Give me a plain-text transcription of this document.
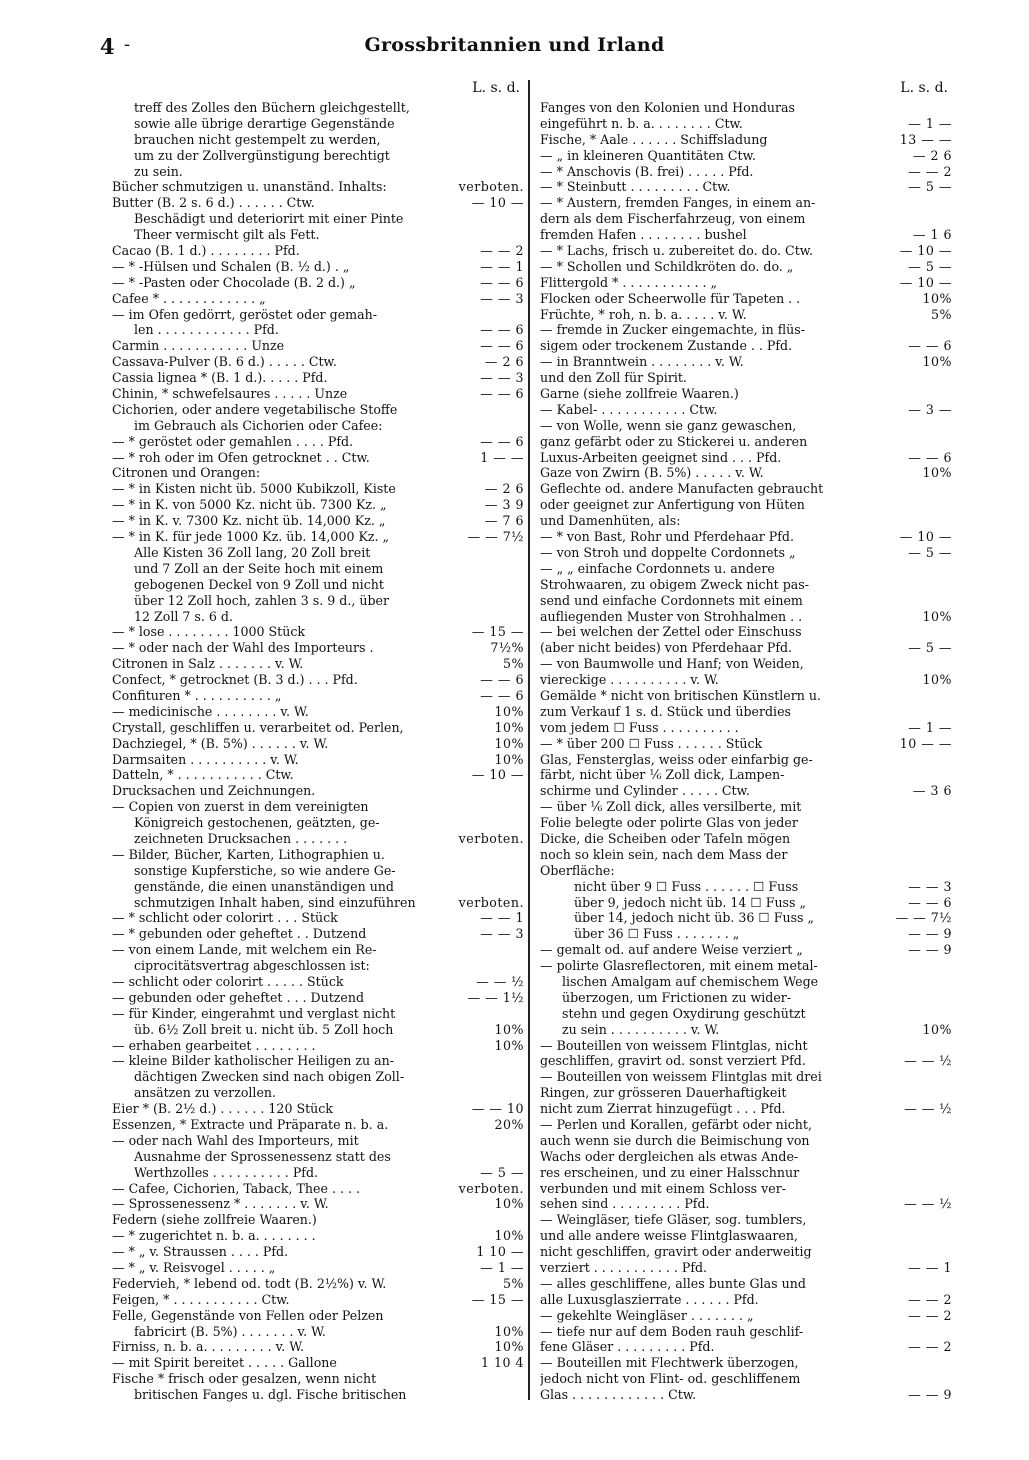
4 -	Grossbritannien und Irland
L. s. d.
treff des Zolles den Büchern gleichgestellt,
sowie alle übrige derartige Gegenstände
brauchen nicht gestempelt zu werden,
um zu der Zollvergünstigung berechtigt
zu sein.
Bücher schmutzigen u. unanständ. Inhalts:	verboten.
Butter (B. 2 s. 6 d.) . . . . . . Ctw.	— 10 —
Beschädigt und deteriorirt mit einer Pinte
Theer vermischt gilt als Fett.
Cacao (B. 1 d.) . . . . . . . . Pfd.	— — 2
— * -Hülsen und Schalen (B. ½ d.) . „	— — 1
— * -Pasten oder Chocolade (B. 2 d.) „	— — 6
Cafee * . . . . . . . . . . . . „	— — 3
— im Ofen gedörrt, geröstet oder gemah-
len . . . . . . . . . . . . Pfd.	— — 6
Carmin . . . . . . . . . . . Unze	— — 6
Cassava-Pulver (B. 6 d.) . . . . . Ctw.	— 2 6
Cassia lignea * (B. 1 d.). . . . . Pfd.	— — 3
Chinin, * schwefelsaures . . . . . Unze	— — 6
Cichorien, oder andere vegetabilische Stoffe
im Gebrauch als Cichorien oder Cafee:
— * geröstet oder gemahlen . . . . Pfd.	— — 6
— * roh oder im Ofen getrocknet . . Ctw.	1 — —
Citronen und Orangen:
— * in Kisten nicht üb. 5000 Kubikzoll, Kiste	— 2 6
— * in K. von 5000 Kz. nicht üb. 7300 Kz. „	— 3 9
— * in K. v. 7300 Kz. nicht üb. 14,000 Kz. „	— 7 6
— * in K. für jede 1000 Kz. üb. 14,000 Kz. „	— — 7½
Alle Kisten 36 Zoll lang, 20 Zoll breit
und 7 Zoll an der Seite hoch mit einem
gebogenen Deckel von 9 Zoll und nicht
über 12 Zoll hoch, zahlen 3 s. 9 d., über
12 Zoll 7 s. 6 d.
— * lose . . . . . . . . 1000 Stück	— 15 —
— * oder nach der Wahl des Importeurs .	7½%
Citronen in Salz . . . . . . . v. W.	5%
Confect, * getrocknet (B. 3 d.) . . . Pfd.	— — 6
Confituren * . . . . . . . . . . „	— — 6
— medicinische . . . . . . . . v. W.	10%
Crystall, geschliffen u. verarbeitet od. Perlen,	10%
Dachziegel, * (B. 5%) . . . . . . v. W.	10%
Darmsaiten . . . . . . . . . . v. W.	10%
Datteln, * . . . . . . . . . . . Ctw.	— 10 —
Drucksachen und Zeichnungen.
— Copien von zuerst in dem vereinigten
Königreich gestochenen, geätzten, ge-
zeichneten Drucksachen . . . . . . .	verboten.
— Bilder, Bücher, Karten, Lithographien u.
sonstige Kupferstiche, so wie andere Ge-
genstände, die einen unanständigen und
schmutzigen Inhalt haben, sind einzuführen	verboten.
— * schlicht oder colorirt . . . Stück	— — 1
— * gebunden oder geheftet . . Dutzend	— — 3
— von einem Lande, mit welchem ein Re-
ciprocitätsvertrag abgeschlossen ist:
— schlicht oder colorirt . . . . . Stück	— — ½
— gebunden oder geheftet . . . Dutzend	— — 1½
— für Kinder, eingerahmt und verglast nicht
üb. 6½ Zoll breit u. nicht üb. 5 Zoll hoch	10%
— erhaben gearbeitet . . . . . . . .	10%
— kleine Bilder katholischer Heiligen zu an-
dächtigen Zwecken sind nach obigen Zoll-
ansätzen zu verzollen.
Eier * (B. 2½ d.) . . . . . . 120 Stück	— — 10
Essenzen, * Extracte und Präparate n. b. a.	20%
— oder nach Wahl des Importeurs, mit
Ausnahme der Sprossenessenz statt des
Werthzolles . . . . . . . . . . Pfd.	— 5 —
— Cafee, Cichorien, Taback, Thee . . . .	verboten.
— Sprossenessenz * . . . . . . . v. W.	10%
Federn (siehe zollfreie Waaren.)
— * zugerichtet n. b. a. . . . . . . .	10%
— * „ v. Straussen . . . . Pfd.	1 10 —
— * „ v. Reisvogel . . . . . „	— 1 —
Federvieh, * lebend od. todt (B. 2½%) v. W.	5%
Feigen, * . . . . . . . . . . . Ctw.	— 15 —
Felle, Gegenstände von Fellen oder Pelzen
fabricirt (B. 5%) . . . . . . . v. W.	10%
Firniss, n. b. a. . . . . . . . . v. W.	10%
— mit Spirit bereitet . . . . . Gallone	1 10 4
Fische * frisch oder gesalzen, wenn nicht
britischen Fanges u. dgl. Fische britischen
L. s. d.
Fanges von den Kolonien und Honduras
eingeführt n. b. a. . . . . . . . Ctw.	— 1 —
Fische, * Aale . . . . . . Schiffsladung	13 — —
— „ in kleineren Quantitäten Ctw.	— 2 6
— * Anschovis (B. frei) . . . . . Pfd.	— — 2
— * Steinbutt . . . . . . . . . Ctw.	— 5 —
— * Austern, fremden Fanges, in einem an-
dern als dem Fischerfahrzeug, von einem
fremden Hafen . . . . . . . . bushel	— 1 6
— * Lachs, frisch u. zubereitet do. do. Ctw.	— 10 —
— * Schollen und Schildkröten do. do. „	— 5 —
Flittergold * . . . . . . . . . . . „	— 10 —
Flocken oder Scheerwolle für Tapeten . .	10%
Früchte, * roh, n. b. a. . . . . v. W.	5%
— fremde in Zucker eingemachte, in flüs-
sigem oder trockenem Zustande . . Pfd.	— — 6
— in Branntwein . . . . . . . . v. W.	10%
und den Zoll für Spirit.
Garne (siehe zollfreie Waaren.)
— Kabel- . . . . . . . . . . . Ctw.	— 3 —
— von Wolle, wenn sie ganz gewaschen,
ganz gefärbt oder zu Stickerei u. anderen
Luxus-Arbeiten geeignet sind . . . Pfd.	— — 6
Gaze von Zwirn (B. 5%) . . . . . v. W.	10%
Geflechte od. andere Manufacten gebraucht
oder geeignet zur Anfertigung von Hüten
und Damenhüten, als:
— * von Bast, Rohr und Pferdehaar Pfd.	— 10 —
— von Stroh und doppelte Cordonnets „	— 5 —
— „ „ einfache Cordonnets u. andere
Strohwaaren, zu obigem Zweck nicht pas-
send und einfache Cordonnets mit einem
aufliegenden Muster von Strohhalmen . .	10%
— bei welchen der Zettel oder Einschuss
(aber nicht beides) von Pferdehaar Pfd.	— 5 —
— von Baumwolle und Hanf; von Weiden,
viereckige . . . . . . . . . . v. W.	10%
Gemälde * nicht von britischen Künstlern u.
zum Verkauf 1 s. d. Stück und überdies
vom jedem ☐ Fuss . . . . . . . . . .	— 1 —
— * über 200 ☐ Fuss . . . . . . Stück	10 — —
Glas, Fensterglas, weiss oder einfarbig ge-
färbt, nicht über ⅙ Zoll dick, Lampen-
schirme und Cylinder . . . . . Ctw.	— 3 6
— über ⅙ Zoll dick, alles versilberte, mit
Folie belegte oder polirte Glas von jeder
Dicke, die Scheiben oder Tafeln mögen
noch so klein sein, nach dem Mass der
Oberfläche:
nicht über 9 ☐ Fuss . . . . . . ☐ Fuss	— — 3
über 9, jedoch nicht üb. 14 ☐ Fuss „	— — 6
über 14, jedoch nicht üb. 36 ☐ Fuss „	— — 7½
über 36 ☐ Fuss . . . . . . . „	— — 9
— gemalt od. auf andere Weise verziert „	— — 9
— polirte Glasreflectoren, mit einem metal-
lischen Amalgam auf chemischem Wege
überzogen, um Frictionen zu wider-
stehn und gegen Oxydirung geschützt
zu sein . . . . . . . . . . v. W.	10%
— Bouteillen von weissem Flintglas, nicht
geschliffen, gravirt od. sonst verziert Pfd.	— — ½
— Bouteillen von weissem Flintglas mit drei
Ringen, zur grösseren Dauerhaftigkeit
nicht zum Zierrat hinzugefügt . . . Pfd.	— — ½
— Perlen und Korallen, gefärbt oder nicht,
auch wenn sie durch die Beimischung von
Wachs oder dergleichen als etwas Ande-
res erscheinen, und zu einer Halsschnur
verbunden und mit einem Schloss ver-
sehen sind . . . . . . . . . Pfd.	— — ½
— Weingläser, tiefe Gläser, sog. tumblers,
und alle andere weisse Flintglaswaaren,
nicht geschliffen, gravirt oder anderweitig
verziert . . . . . . . . . . . Pfd.	— — 1
— alles geschliffene, alles bunte Glas und
alle Luxusglaszierrate . . . . . . Pfd.	— — 2
— gekehlte Weingläser . . . . . . . „	— — 2
— tiefe nur auf dem Boden rauh geschlif-
fene Gläser . . . . . . . . . Pfd.	— — 2
— Bouteillen mit Flechtwerk überzogen,
jedoch nicht von Flint- od. geschliffenem
Glas . . . . . . . . . . . . Ctw.	— — 9
